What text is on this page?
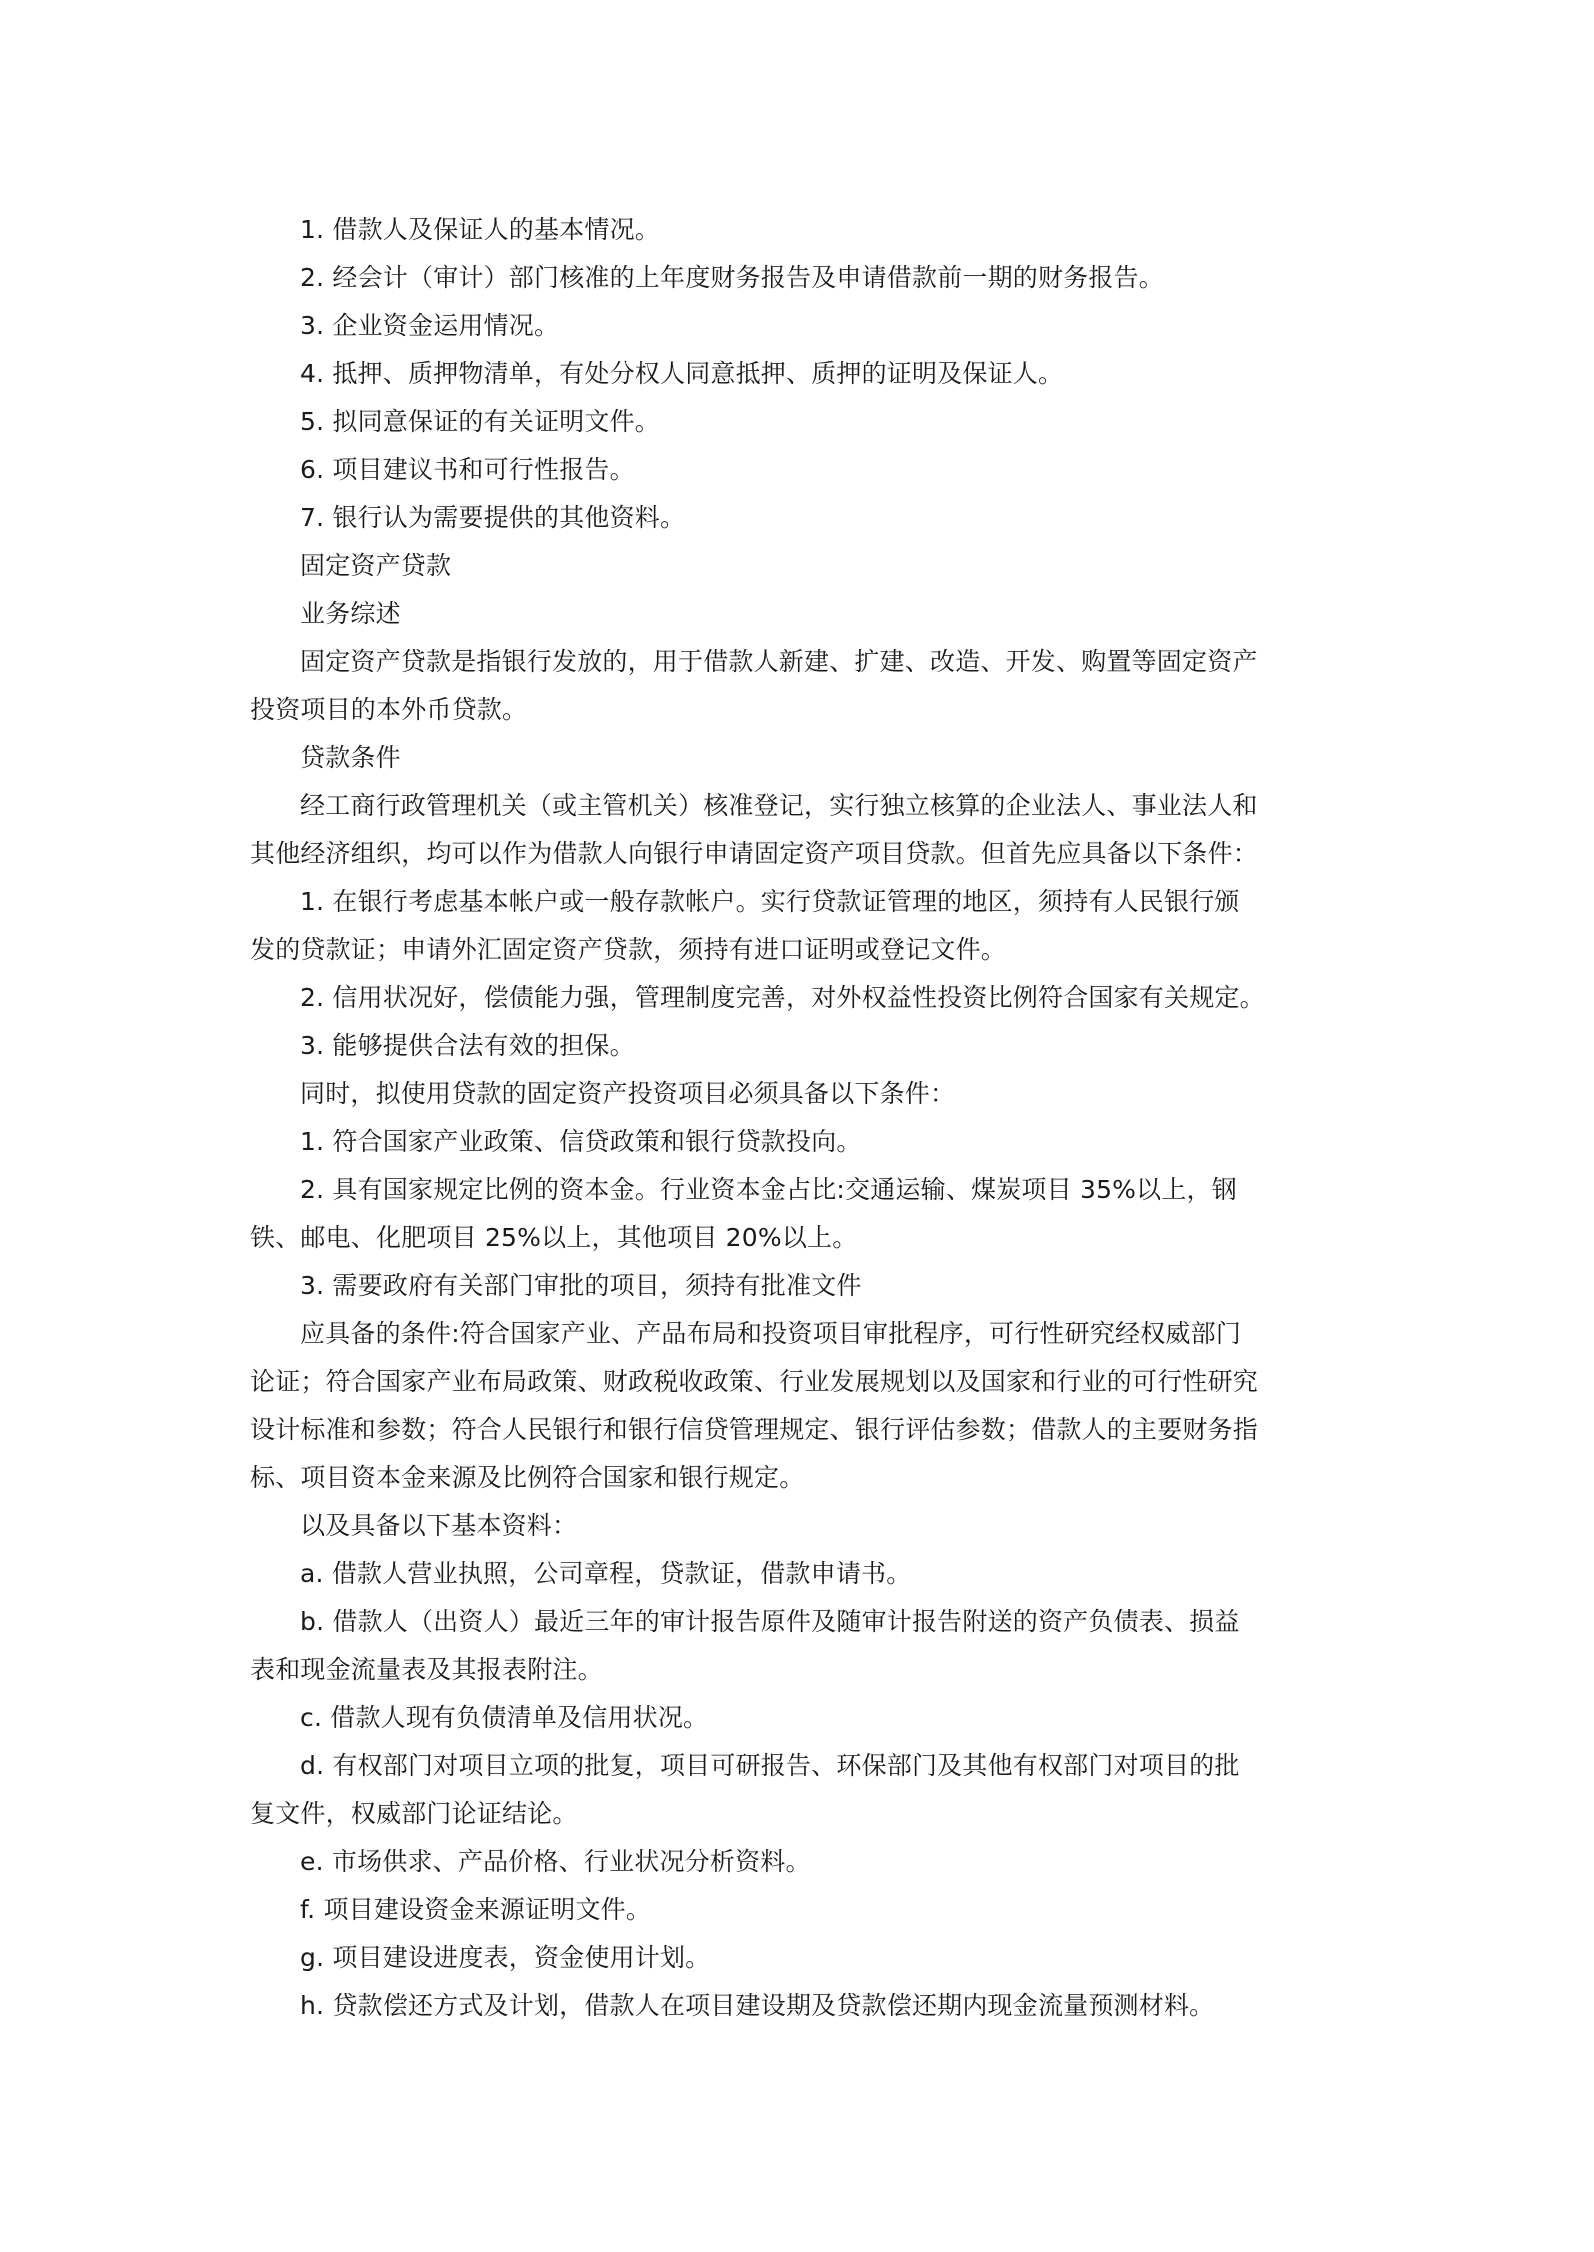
1. 借款人及保证人的基本情况。

2. 经会计（审计）部门核准的上年度财务报告及申请借款前一期的财务报告。

3. 企业资金运用情况。

4. 抵押、质押物清单，有处分权人同意抵押、质押的证明及保证人。

5. 拟同意保证的有关证明文件。

6. 项目建议书和可行性报告。

7. 银行认为需要提供的其他资料。

固定资产贷款

业务综述

固定资产贷款是指银行发放的，用于借款人新建、扩建、改造、开发、购置等固定资产
投资项目的本外币贷款。

贷款条件

经工商行政管理机关（或主管机关）核准登记，实行独立核算的企业法人、事业法人和
其他经济组织，均可以作为借款人向银行申请固定资产项目贷款。但首先应具备以下条件：

1. 在银行考虑基本帐户或一般存款帐户。实行贷款证管理的地区，须持有人民银行颁
发的贷款证；申请外汇固定资产贷款，须持有进口证明或登记文件。

2. 信用状况好，偿债能力强，管理制度完善，对外权益性投资比例符合国家有关规定。

3. 能够提供合法有效的担保。

同时，拟使用贷款的固定资产投资项目必须具备以下条件：

1. 符合国家产业政策、信贷政策和银行贷款投向。

2. 具有国家规定比例的资本金。行业资本金占比:交通运输、煤炭项目 35%以上，钢
铁、邮电、化肥项目 25%以上，其他项目 20%以上。

3. 需要政府有关部门审批的项目，须持有批准文件

应具备的条件:符合国家产业、产品布局和投资项目审批程序，可行性研究经权威部门
论证；符合国家产业布局政策、财政税收政策、行业发展规划以及国家和行业的可行性研究
设计标准和参数；符合人民银行和银行信贷管理规定、银行评估参数；借款人的主要财务指
标、项目资本金来源及比例符合国家和银行规定。

以及具备以下基本资料：

a. 借款人营业执照，公司章程，贷款证，借款申请书。

b. 借款人（出资人）最近三年的审计报告原件及随审计报告附送的资产负债表、损益
表和现金流量表及其报表附注。

c. 借款人现有负债清单及信用状况。

d. 有权部门对项目立项的批复，项目可研报告、环保部门及其他有权部门对项目的批
复文件，权威部门论证结论。

e. 市场供求、产品价格、行业状况分析资料。

f. 项目建设资金来源证明文件。

g. 项目建设进度表，资金使用计划。

h. 贷款偿还方式及计划，借款人在项目建设期及贷款偿还期内现金流量预测材料。
